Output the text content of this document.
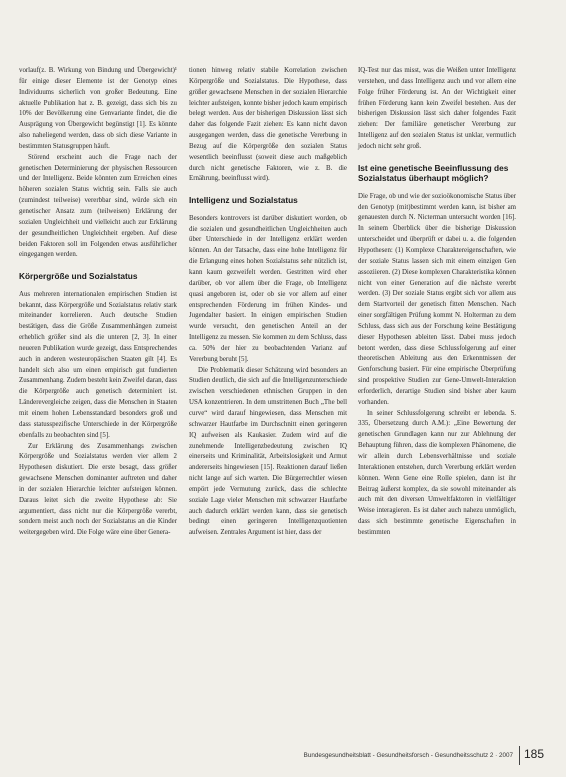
vorlauf(z. B. Wirkung von Bindung und Übergewicht)¹ für einige dieser Elemente ist der Genotyp eines Individuums sicherlich von großer Bedeutung. Eine aktuelle Publikation hat z. B. gezeigt, dass sich bis zu 10% der Bevölkerung eine Genvariante findet, die die Ausprägung von Übergewicht begünstigt [1]. Es könnte also naheliegend werden, dass ob sich diese Variante in bestimmten Statusgruppen häuft.

Störend erscheint auch die Frage nach der genetischen Determinierung der physischen Ressourcen und der Intelligenz. Beide könnten zum Erreichen eines höheren sozialen Status wichtig sein. Falls sie auch (zumindest teilweise) vererbbar sind, würde sich ein genetischer Ansatz zum (teilweisen) Erklärung der sozialen Ungleichheit und vielleicht auch zur Erklärung der gesundheitlichen Ungleichheit ergeben. Auf diese beiden Faktoren soll im Folgenden etwas ausführlicher eingegangen werden.

Körpergröße und Sozialstatus

Aus mehreren internationalen empirischen Studien ist bekannt, dass Körpergröße und Sozialstatus relativ stark miteinander korrelieren. Auch deutsche Studien bestätigen, dass die Größe Zusammenhängen zumeist erheblich größer sind als die unteren [2, 3]. In einer neueren Publikation wurde gezeigt, dass Entsprechendes auch in anderen westeuropäischen Staaten gilt [4]. Es handelt sich also um einen empirisch gut fundierten Zusammenhang. Zudem besteht kein Zweifel daran, dass die Körpergröße auch genetisch determiniert ist. Länderevergleiche zeigen, dass die Menschen in Staaten mit einem hohen Lebensstandard besonders groß und dass statusspezifische Unterschiede in der Körpergröße ebenfalls zu beobachten sind [5].

Zur Erklärung des Zusammenhangs zwischen Körpergröße und Sozialstatus werden vier allem 2 Hypothesen diskutiert. Die erste besagt, dass größer gewachsene Menschen dominanter auftreten und daher in der sozialen Hierarchie leichter aufsteigen können. Daraus leitet sich die zweite Hypothese ab: Sie argumentiert, dass nicht nur die Körpergröße vererbt, sondern meist auch noch der Sozialstatus an die Kinder weitergegeben wird. Die Folge wäre eine über Genera-

tionen hinweg relativ stabile Korrelation zwischen Körpergröße und Sozialstatus. Die Hypothese, dass größer gewachsene Menschen in der sozialen Hierarchie leichter aufsteigen, konnte bisher jedoch kaum empirisch belegt werden. Aus der bisherigen Diskussion lässt sich daher das folgende Fazit ziehen: Es kann nicht davon ausgegangen werden, dass die genetische Vererbung in Bezug auf die Körpergröße den sozialen Status wesentlich beeinflusst (soweit diese auch maßgeblich durch nicht genetische Faktoren, wie z. B. die Ernährung, beeinflusst wird).

Intelligenz und Sozialstatus

Besonders kontrovers ist darüber diskutiert worden, ob die sozialen und gesundheitlichen Ungleichheiten auch über Unterschiede in der Intelligenz erklärt werden können. An der Tatsache, dass eine hohe Intelligenz für die Erlangung eines hohen Sozialstatus sehr nützlich ist, kann kaum gezweifelt werden. Gestritten wird eher darüber, ob vor allem über die Frage, ob Intelligenz quasi angeboren ist, oder ob sie vor allem auf einer entsprechenden Förderung im frühen Kindes- und Jugendalter basiert. In einigen empirischen Studien wurde versucht, den genetischen Anteil an der Intelligenz zu messen. Sie kommen zu dem Schluss, dass ca. 50% der hier zu beobachtenden Varianz auf Vererbung beruht [5].

Die Problematik dieser Schätzung wird besonders an Studien deutlich, die sich auf die Intelligenzunterschiede zwischen verschiedenen ethnischen Gruppen in den USA konzentrieren. In dem umstrittenen Buch „The bell curve“ wird darauf hingewiesen, dass Menschen mit schwarzer Hautfarbe im Durchschnitt einen geringeren IQ aufweisen als Kaukasier. Zudem wird auf die zunehmende Intelligenzbedeutung zwischen IQ einerseits und Kriminalität, Arbeitslosigkeit und Armut andererseits hingewiesen [15]. Reaktionen darauf ließen nicht lange auf sich warten. Die Bürgerrechtler wiesen empört jede Vermutung zurück, dass die schlechte soziale Lage vieler Menschen mit schwarzer Hautfarbe auch dadurch erklärt werden kann, dass sie genetisch bedingt einen geringeren Intelligenzquotienten aufweisen. Zentrales Argument ist hier, dass der

IQ-Test nur das misst, was die Weißen unter Intelligenz verstehen, und dass Intelligenz auch und vor allem eine Folge früher Förderung ist. An der Wichtigkeit einer frühen Förderung kann kein Zweifel bestehen. Aus der bisherigen Diskussion lässt sich daher folgendes Fazit ziehen: Der familiäre genetischer Vererbung zur Intelligenz auf den sozialen Status ist unklar, vermutlich jedoch nicht sehr groß.

Ist eine genetische Beeinflussung des Sozialstatus überhaupt möglich?

Die Frage, ob und wie der sozioökonomische Status über den Genotyp (mit)bestimmt werden kann, ist bisher am genauesten durch N. Nicterman untersucht worden [16]. In seinem Überblick über die bisherige Diskussion unterscheidet und überprüft er dabei u. a. die folgenden Hypothesen: (1) Komplexe Charaktereigenschaften, wie der soziale Status lassen sich mit einem einzigen Gen assoziieren. (2) Diese komplexen Charakteristika können nicht von einer Generation auf die nächste vererbt werden. (3) Der soziale Status ergibt sich vor allem aus dem Startvorteil der genetisch fitten Menschen. Nach einer sorgfältigen Prüfung kommt N. Holterman zu dem Schluss, dass sich aus der Forschung keine Bestätigung dieser Hypothesen ableiten lässt. Dabei muss jedoch betont werden, dass diese Schlussfolgerung auf einer theoretischen Ableitung aus den Erkenntnissen der Genforschung basiert. Für eine empirische Überprüfung sind prospektive Studien zur Gene-Umwelt-Interaktion erforderlich, derartige Studien sind bisher aber kaum vorhanden.

In seiner Schlussfolgerung schreibt er lebenda. S. 335, Übersetzung durch A.M.): „Eine Bewertung der genetischen Grundlagen kann nur zur Ablehnung der Behauptung führen, dass die komplexen Phänomene, die wir allein durch Lebensverhältnisse und soziale Interaktionen entstehen, durch Vererbung erklärt werden können. Wenn Gene eine Rolle spielen, dann ist ihr Beitrag äußerst komplex, da sie sowohl miteinander als auch mit den diversen Umweltfaktoren in vielfältiger Weise interagieren. Es ist daher auch nahezu unmöglich, dass sich bestimmte genetische Eigenschaften in bestimmten

Bundesgesundheitsblatt - Gesundheitsforsch - Gesundheitsschutz 2 · 2007 185
